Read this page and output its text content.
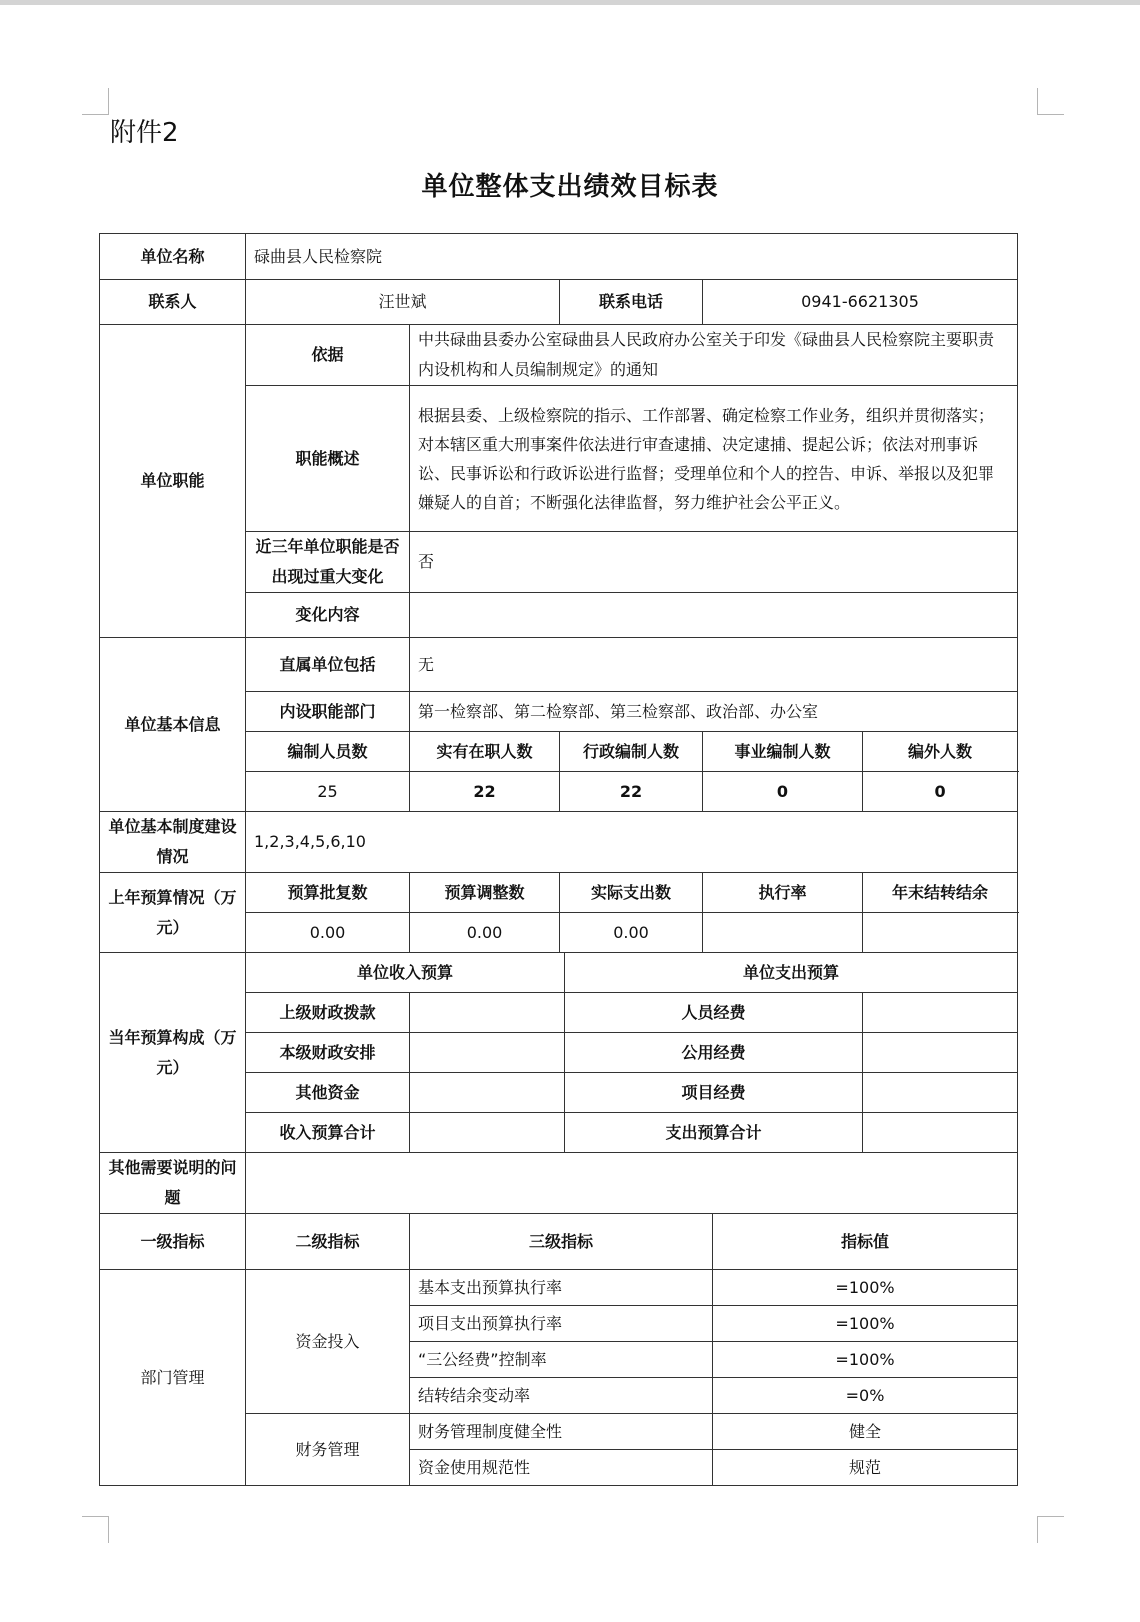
附件2
单位整体支出绩效目标表
单位名称	碌曲县人民检察院						
联系人	汪世斌		联系电话		0941-6621305		
单位职能	依据	中共碌曲县委办公室碌曲县人民政府办公室关于印发《碌曲县人民检察院主要职责内设机构和人员编制规定》的通知					
	职能概述	根据县委、上级检察院的指示、工作部署、确定检察工作业务，组织并贯彻落实；对本辖区重大刑事案件依法进行审查逮捕、决定逮捕、提起公诉；依法对刑事诉讼、民事诉讼和行政诉讼进行监督；受理单位和个人的控告、申诉、举报以及犯罪嫌疑人的自首；不断强化法律监督，努力维护社会公平正义。					
	近三年单位职能是否出现过重大变化	否					
	变化内容						
单位基本信息	直属单位包括	无					
	内设职能部门	第一检察部、第二检察部、第三检察部、政治部、办公室					
	编制人员数	实有在职人数	行政编制人数		事业编制人数		编外人数
	25	22	22		0		0
单位基本制度建设情况	1,2,3,4,5,6,10						
上年预算情况（万元）	预算批复数	预算调整数	实际支出数		执行率		年末结转结余
	0.00	0.00	0.00				
当年预算构成（万元）	单位收入预算			单位支出预算			
	上级财政拨款			人员经费			
	本级财政安排			公用经费			
	其他资金			项目经费			
	收入预算合计			支出预算合计			
其他需要说明的问题							
一级指标	二级指标	三级指标				指标值	
部门管理	资金投入	基本支出预算执行率				=100%	
		项目支出预算执行率				=100%	
		“三公经费”控制率				=100%	
		结转结余变动率				=0%	
	财务管理	财务管理制度健全性				健全	
		资金使用规范性				规范	
